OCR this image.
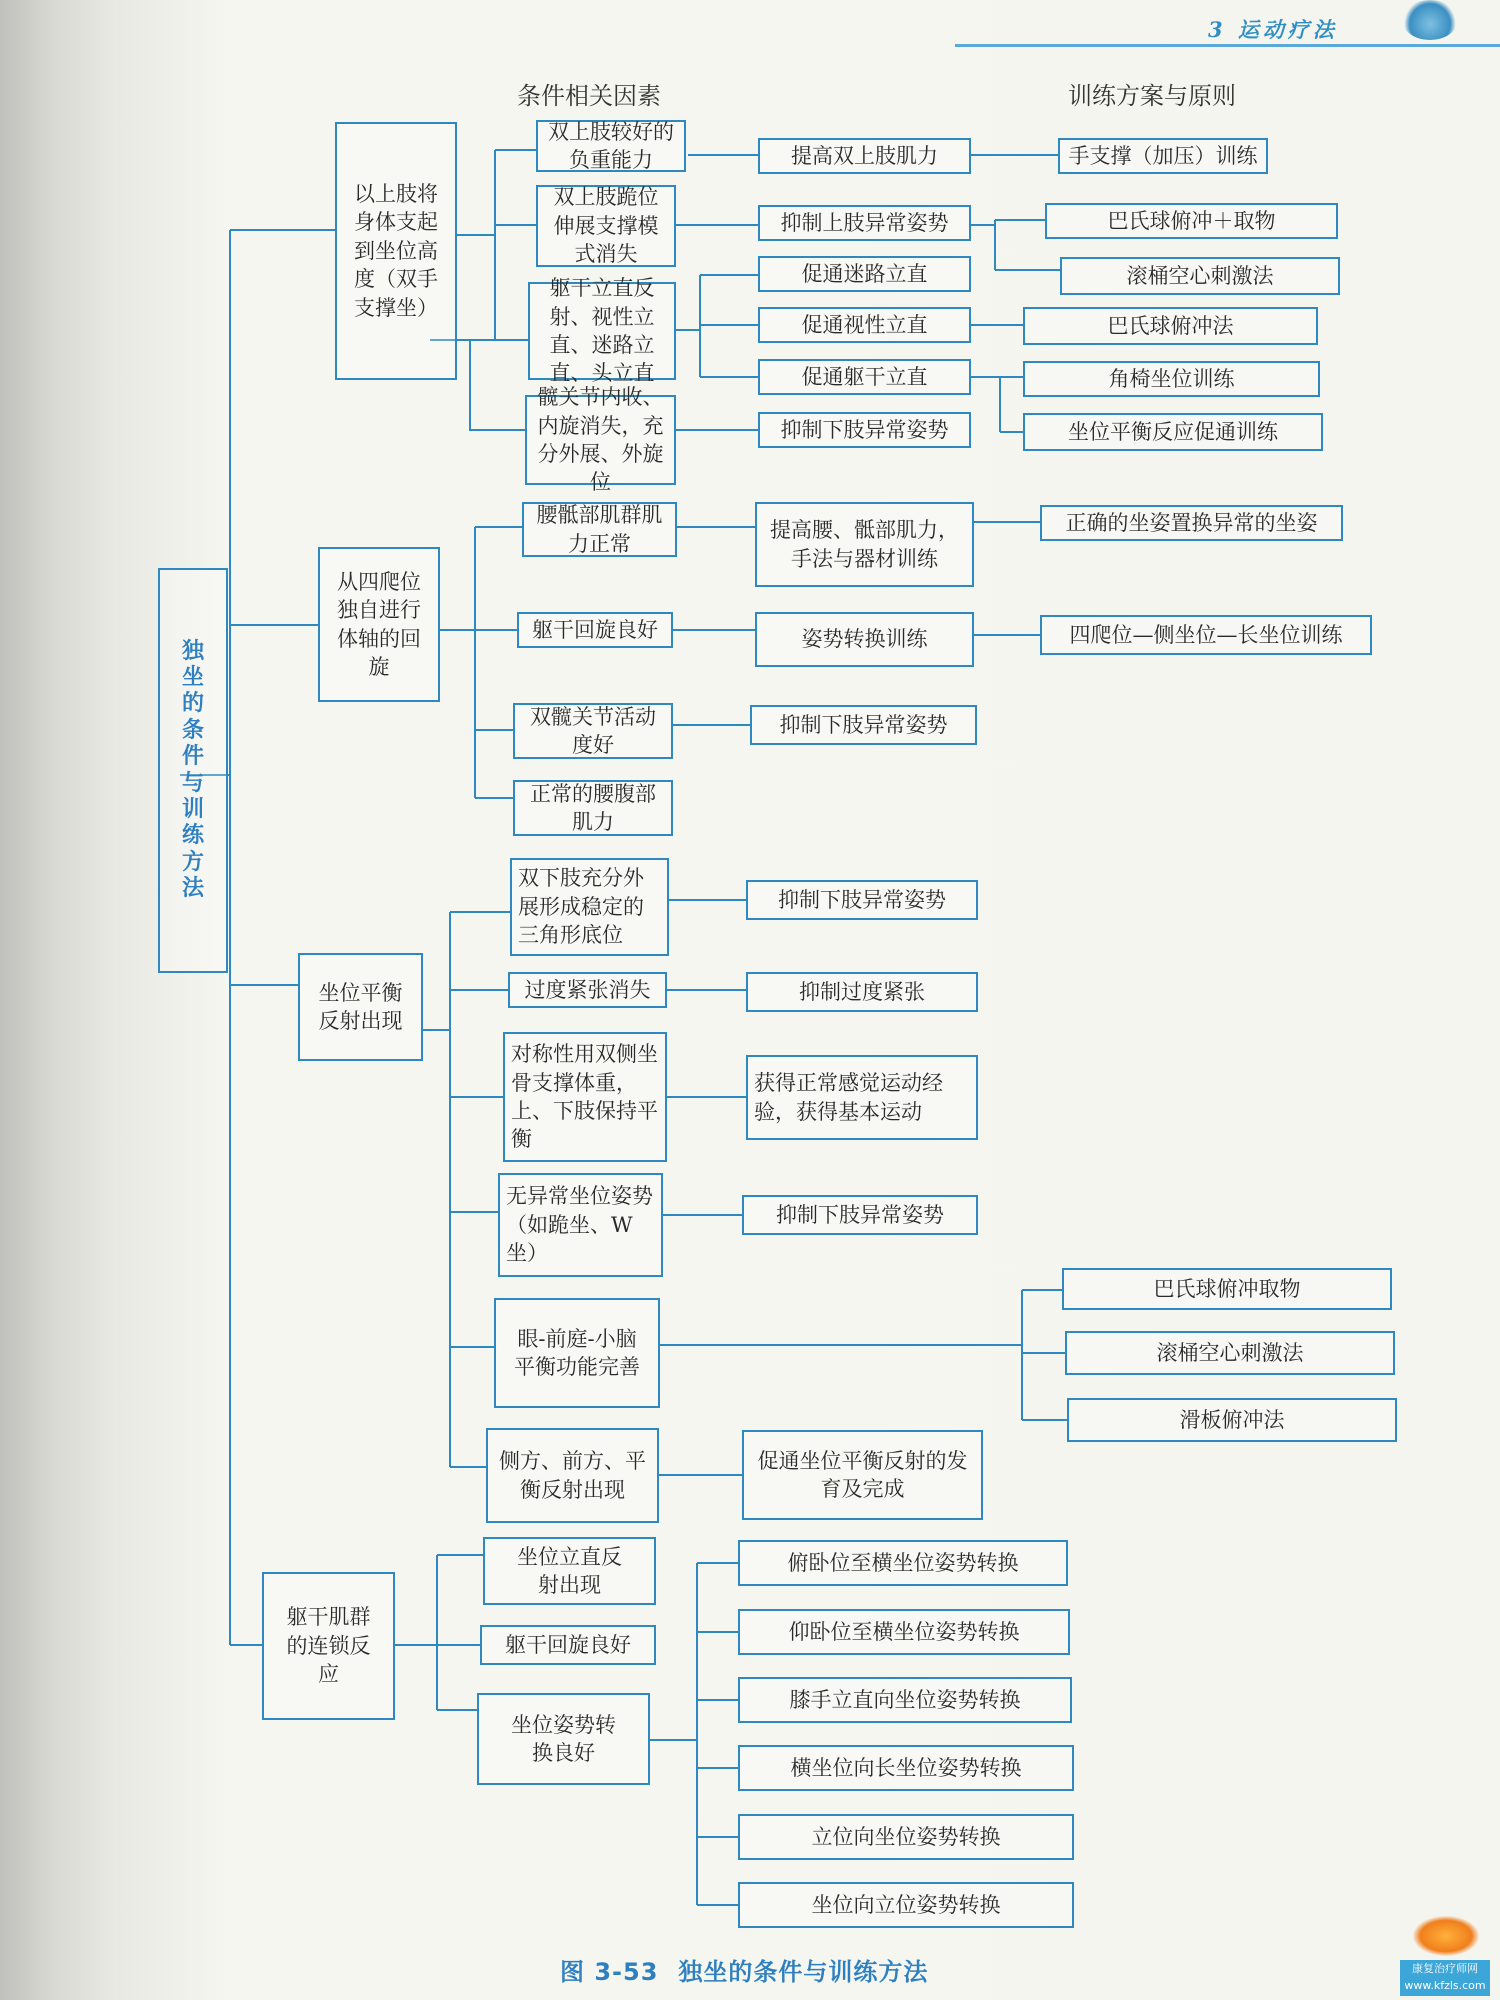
3 运动疗法
条件相关因素	训练方案与原则
独坐的条件与训练方法
以上肢将身体支起到坐位高度（双手支撑坐）
双上肢较好的负重能力
双上肢跪位伸展支撑模式消失
躯干立直反射、视性立直、迷路立直、头立直
髋关节内收、内旋消失，充分外展、外旋位
提高双上肢肌力	手支撑（加压）训练
抑制上肢异常姿势	巴氏球俯冲＋取物
滚桶空心刺激法
促通迷路立直
促通视性立直	巴氏球俯冲法
促通躯干立直	角椅坐位训练
坐位平衡反应促通训练
抑制下肢异常姿势
从四爬位独自进行体轴的回旋
腰骶部肌群肌力正常
躯干回旋良好
双髋关节活动度好
正常的腰腹部肌力
提高腰、骶部肌力，手法与器材训练
正确的坐姿置换异常的坐姿
姿势转换训练	四爬位—侧坐位—长坐位训练
抑制下肢异常姿势
坐位平衡反射出现
双下肢充分外展形成稳定的三角形底位
过度紧张消失
对称性用双侧坐骨支撑体重，上、下肢保持平衡
无异常坐位姿势（如跪坐、W坐）
眼-前庭-小脑平衡功能完善
侧方、前方、平衡反射出现
抑制下肢异常姿势
抑制过度紧张
获得正常感觉运动经验，获得基本运动
抑制下肢异常姿势
巴氏球俯冲取物
滚桶空心刺激法
滑板俯冲法
促通坐位平衡反射的发育及完成
躯干肌群的连锁反应
坐位立直反射出现
躯干回旋良好
坐位姿势转换良好
俯卧位至横坐位姿势转换
仰卧位至横坐位姿势转换
膝手立直向坐位姿势转换
横坐位向长坐位姿势转换
立位向坐位姿势转换
坐位向立位姿势转换
图 3-53 独坐的条件与训练方法	康复治疗师网
www.kfzls.com
